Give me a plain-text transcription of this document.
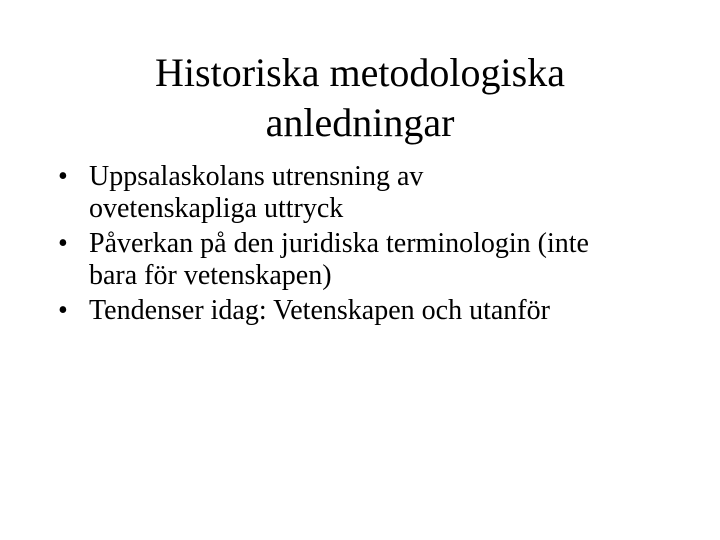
Historiska metodologiska
anledningar
• Uppsalaskolans utrensning av
ovetenskapliga uttryck
• Påverkan på den juridiska terminologin (inte
bara för vetenskapen)
• Tendenser idag: Vetenskapen och utanför
